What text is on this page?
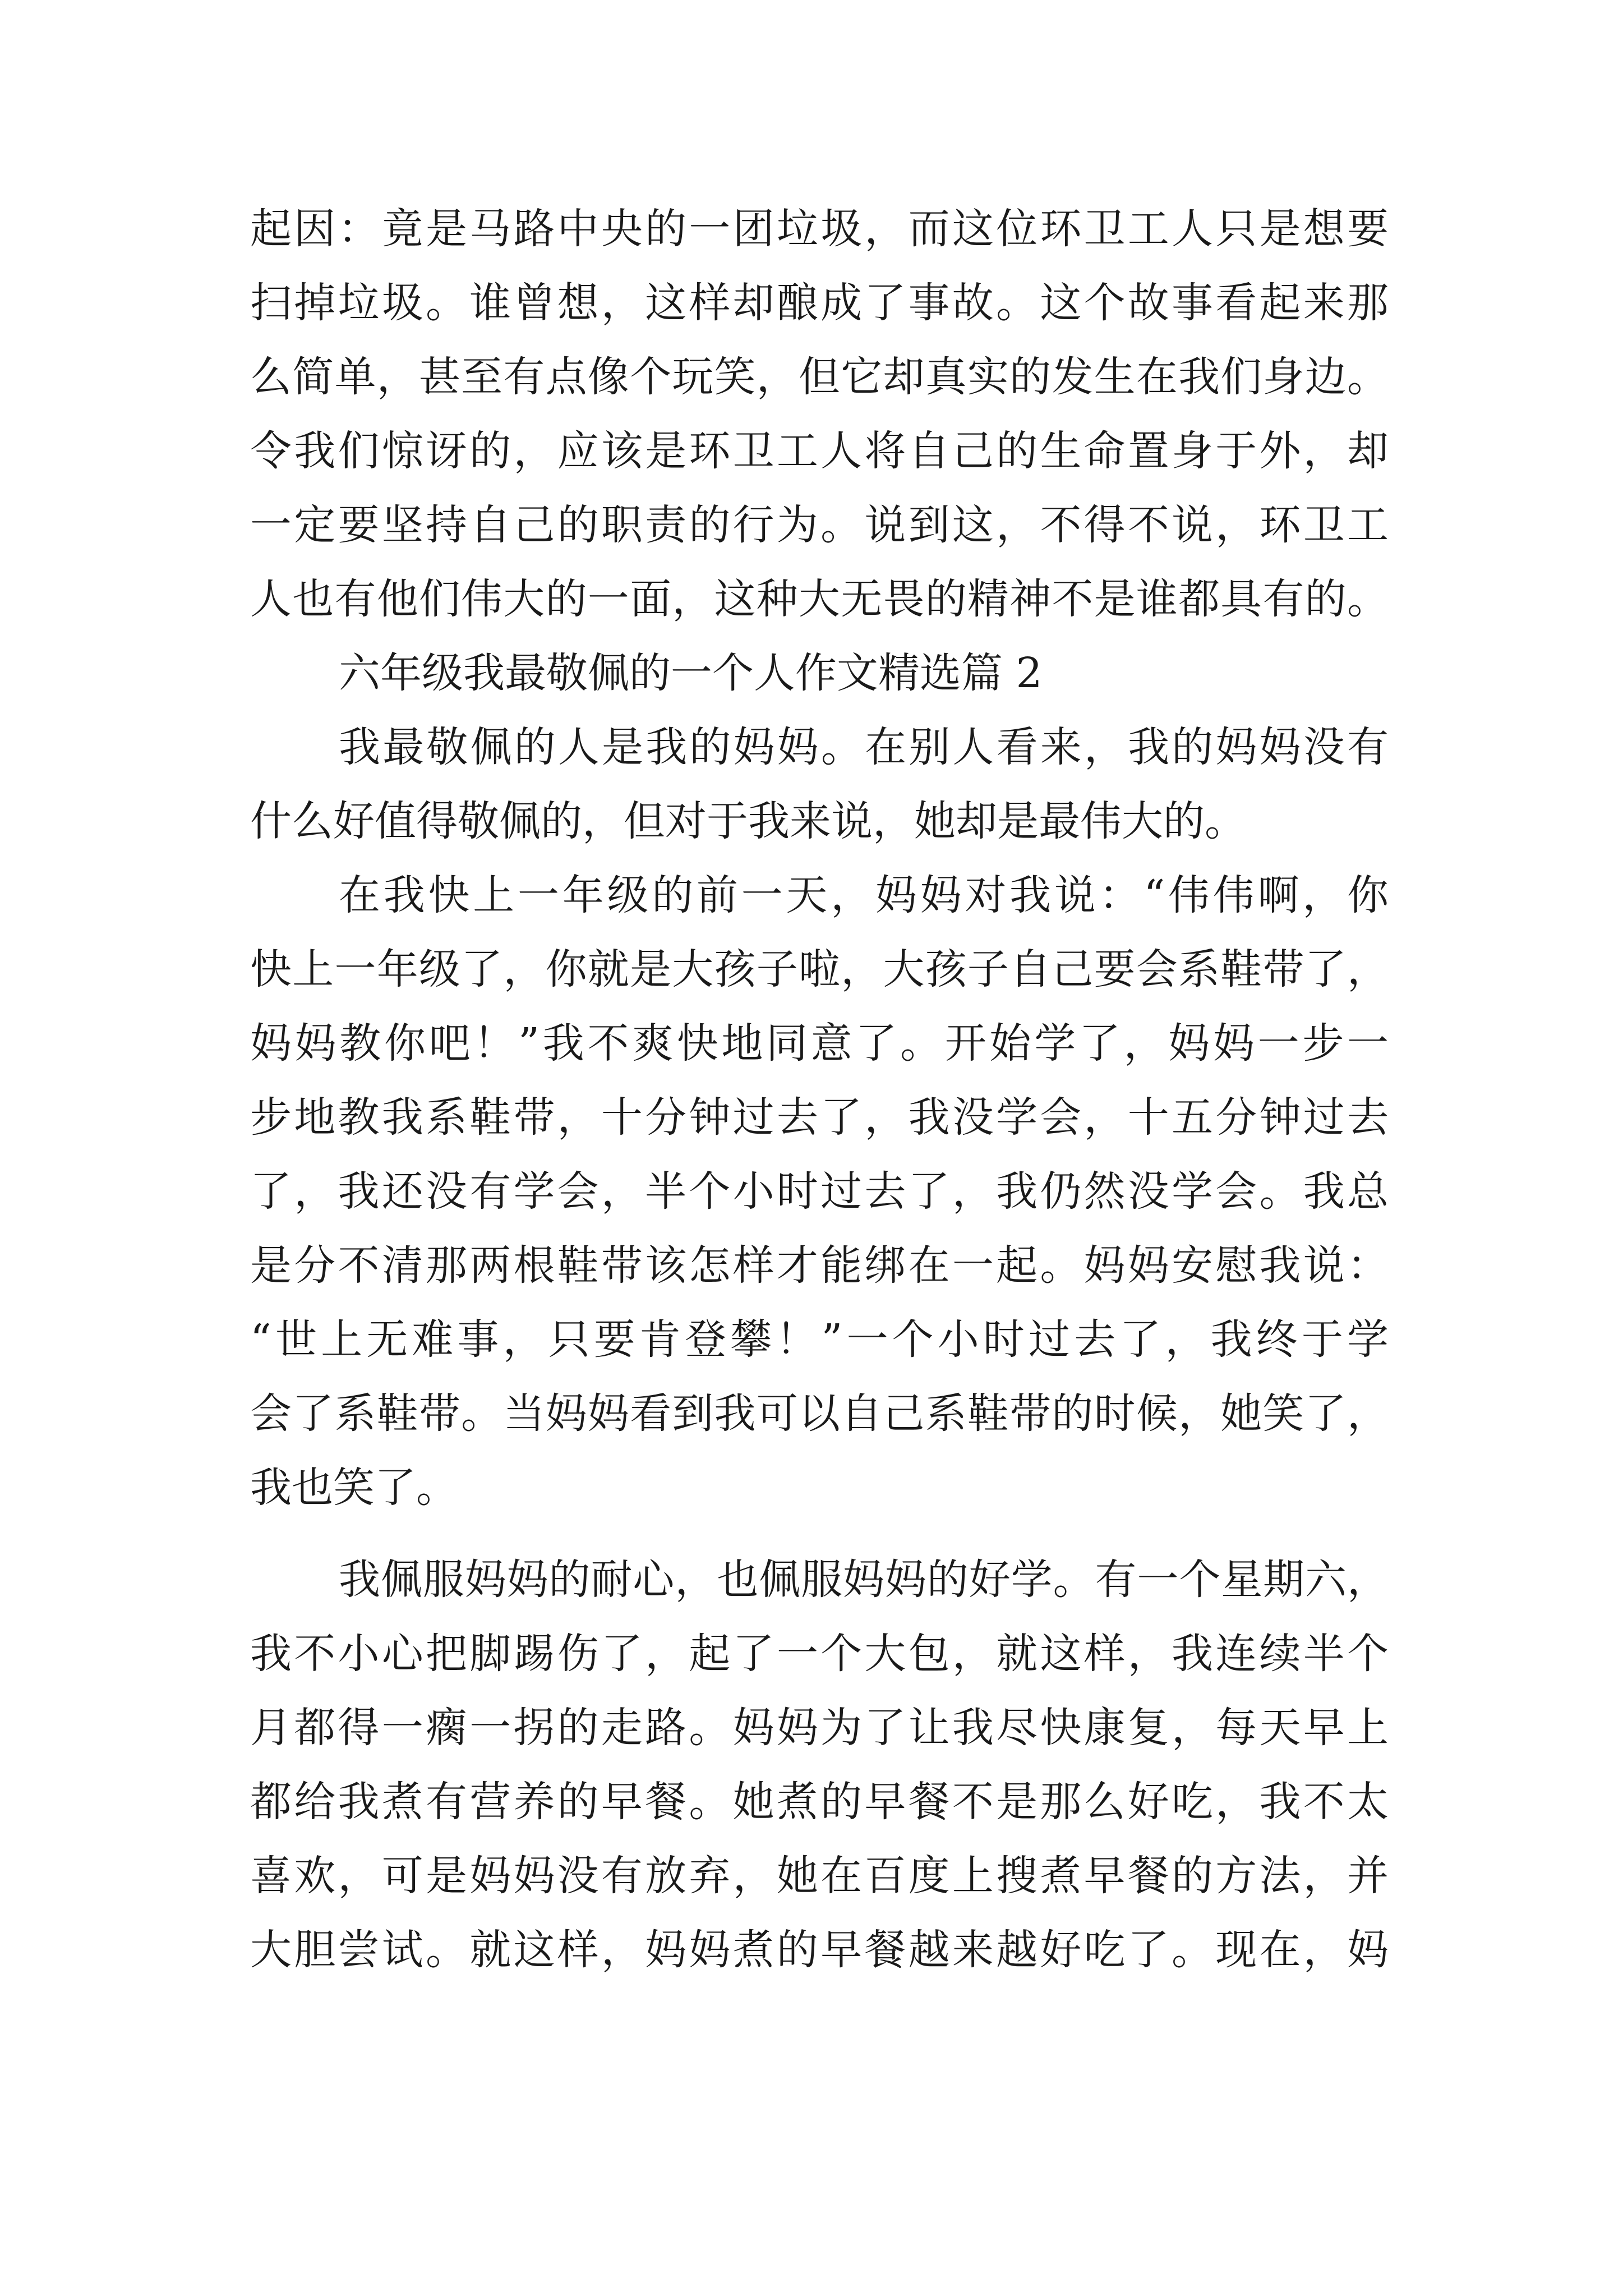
起因：竟是马路中央的一团垃圾，而这位环卫工人只是想要
扫掉垃圾。谁曾想，这样却酿成了事故。这个故事看起来那
么简单，甚至有点像个玩笑，但它却真实的发生在我们身边。
令我们惊讶的，应该是环卫工人将自己的生命置身于外，却
一定要坚持自己的职责的行为。说到这，不得不说，环卫工
人也有他们伟大的一面，这种大无畏的精神不是谁都具有的。
六年级我最敬佩的一个人作文精选篇 2
我最敬佩的人是我的妈妈。在别人看来，我的妈妈没有
什么好值得敬佩的，但对于我来说，她却是最伟大的。
在我快上一年级的前一天，妈妈对我说：“伟伟啊，你
快上一年级了，你就是大孩子啦，大孩子自己要会系鞋带了，
妈妈教你吧！”我不爽快地同意了。开始学了，妈妈一步一
步地教我系鞋带，十分钟过去了，我没学会，十五分钟过去
了，我还没有学会，半个小时过去了，我仍然没学会。我总
是分不清那两根鞋带该怎样才能绑在一起。妈妈安慰我说：
“世上无难事，只要肯登攀！”一个小时过去了，我终于学
会了系鞋带。当妈妈看到我可以自己系鞋带的时候，她笑了，
我也笑了。
我佩服妈妈的耐心，也佩服妈妈的好学。有一个星期六，
我不小心把脚踢伤了，起了一个大包，就这样，我连续半个
月都得一瘸一拐的走路。妈妈为了让我尽快康复，每天早上
都给我煮有营养的早餐。她煮的早餐不是那么好吃，我不太
喜欢，可是妈妈没有放弃，她在百度上搜煮早餐的方法，并
大胆尝试。就这样，妈妈煮的早餐越来越好吃了。现在，妈
